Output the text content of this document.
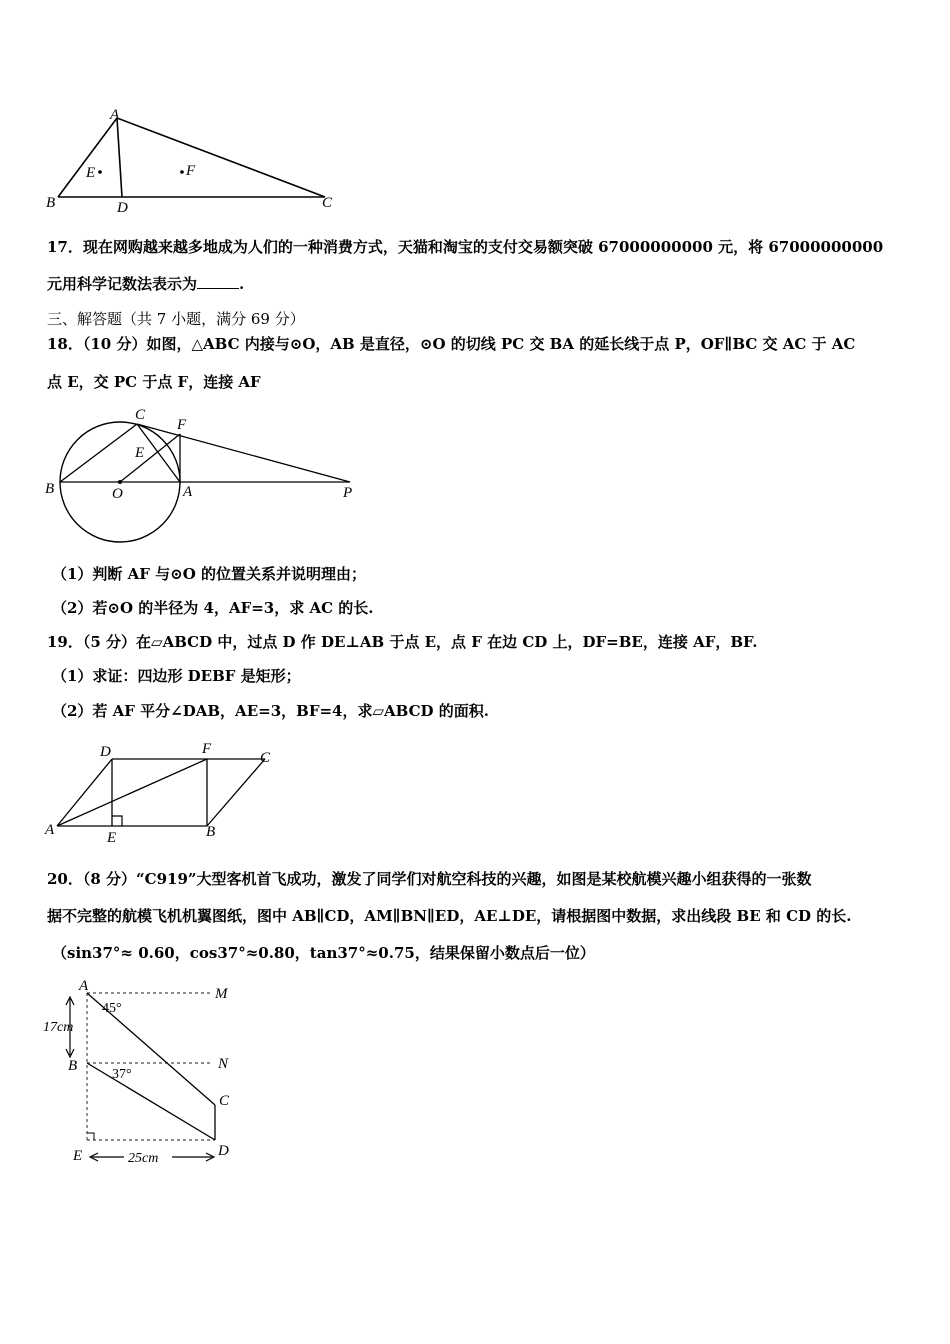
A
B	D	C
E	F
17．现在网购越来越多地成为人们的一种消费方式，天猫和淘宝的支付交易额突破 67000000000 元，将 67000000000
元用科学记数法表示为	.
三、解答题（共 7 小题，满分 69 分）
18．（10 分）如图，△ABC 内接与⊙O，AB 是直径，⊙O 的切线 PC 交 BA 的延长线于点 P，OF∥BC 交 AC 于 AC
点 E，交 PC 于点 F，连接 AF
B	O	A	P
C
E
F
（1）判断 AF 与⊙O 的位置关系并说明理由；
（2）若⊙O 的半径为 4，AF=3，求 AC 的长.
19．（5 分）在▱ABCD 中，过点 D 作 DE⊥AB 于点 E，点 F 在边 CD 上，DF=BE，连接 AF，BF.
（1）求证：四边形 DEBF 是矩形；
（2）若 AF 平分∠DAB，AE=3，BF=4，求▱ABCD 的面积.
D	F
C
A	E	B
20．（8 分）“C919”大型客机首飞成功，激发了同学们对航空科技的兴趣，如图是某校航模兴趣小组获得的一张数
据不完整的航模飞机机翼图纸，图中 AB∥CD，AM∥BN∥ED，AE⊥DE，请根据图中数据，求出线段 BE 和 CD 的长.
（sin37°≈ 0.60，cos37°≈0.80，tan37°≈0.75，结果保留小数点后一位）
A	M
B	N
C
D
E
45°
37°
17cm
25cm
